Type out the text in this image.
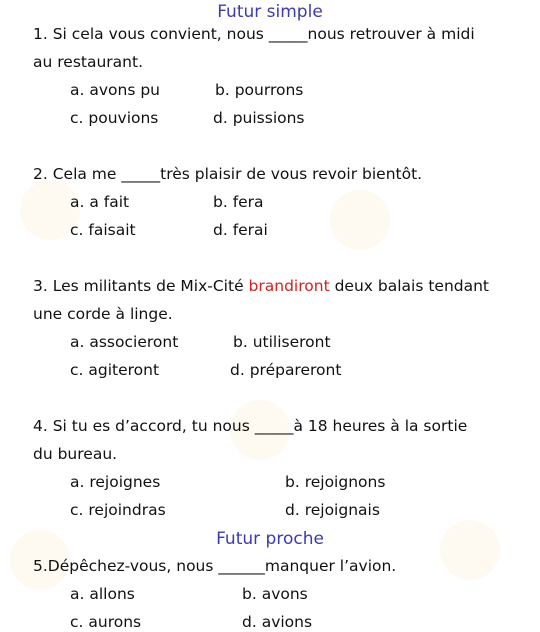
Futur simple
1. Si cela vous convient, nous _____nous retrouver à midi
au restaurant.
a. avons pu	b. pourrons
c. pouvions	d. puissions
2. Cela me _____très plaisir de vous revoir bientôt.
a. a fait	b. fera
c. faisait	d. ferai
3. Les militants de Mix-Cité brandiront deux balais tendant
une corde à linge.
a. associeront	b. utiliseront
c. agiteront	d. prépareront
4. Si tu es d’accord, tu nous _____à 18 heures à la sortie
du bureau.
a. rejoignes	b. rejoignons
c. rejoindras	d. rejoignais
Futur proche
5.Dépêchez-vous, nous ______manquer l’avion.
a. allons	b. avons
c. aurons	d. avions
